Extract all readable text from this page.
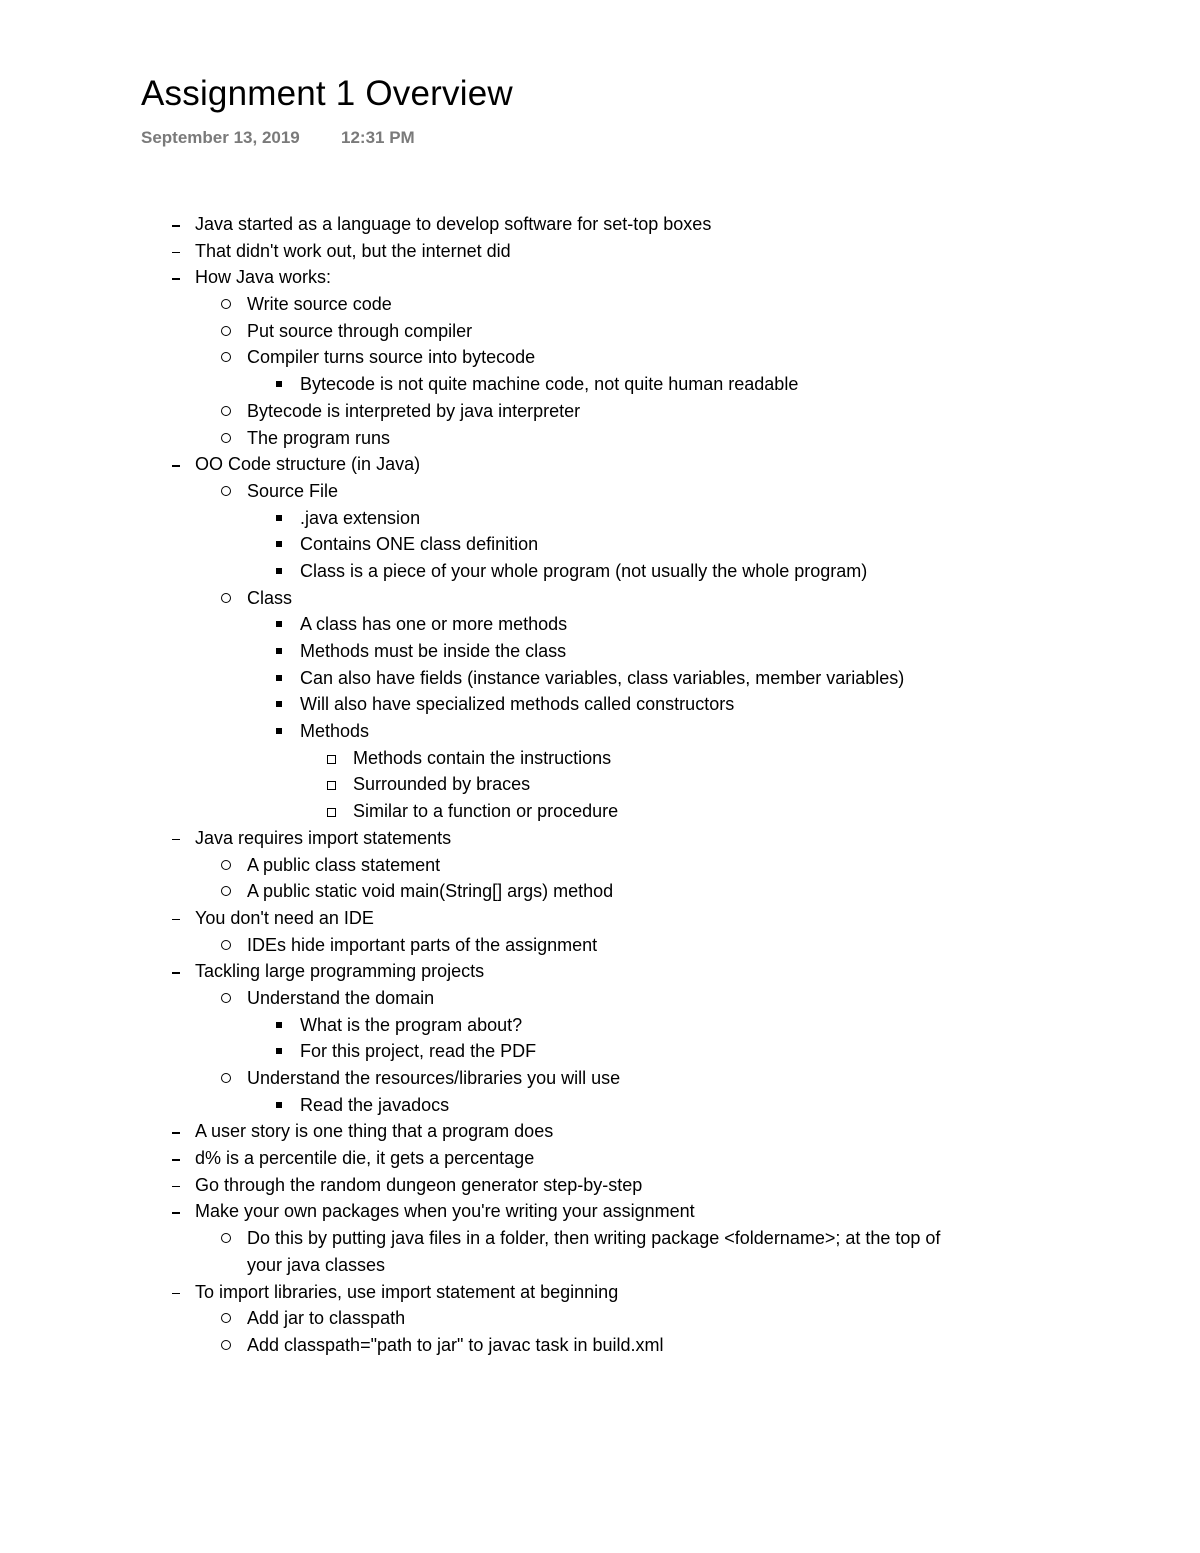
Assignment 1 Overview
September 13, 2019 12:31 PM
Java started as a language to develop software for set-top boxes
That didn't work out, but the internet did
How Java works:
Write source code
Put source through compiler
Compiler turns source into bytecode
Bytecode is not quite machine code, not quite human readable
Bytecode is interpreted by java interpreter
The program runs
OO Code structure (in Java)
Source File
.java extension
Contains ONE class definition
Class is a piece of your whole program (not usually the whole program)
Class
A class has one or more methods
Methods must be inside the class
Can also have fields (instance variables, class variables, member variables)
Will also have specialized methods called constructors
Methods
Methods contain the instructions
Surrounded by braces
Similar to a function or procedure
Java requires import statements
A public class statement
A public static void main(String[] args) method
You don't need an IDE
IDEs hide important parts of the assignment
Tackling large programming projects
Understand the domain
What is the program about?
For this project, read the PDF
Understand the resources/libraries you will use
Read the javadocs
A user story is one thing that a program does
d% is a percentile die, it gets a percentage
Go through the random dungeon generator step-by-step
Make your own packages when you're writing your assignment
Do this by putting java files in a folder, then writing package <foldername>; at the top of
your java classes
To import libraries, use import statement at beginning
Add jar to classpath
Add classpath="path to jar" to javac task in build.xml
